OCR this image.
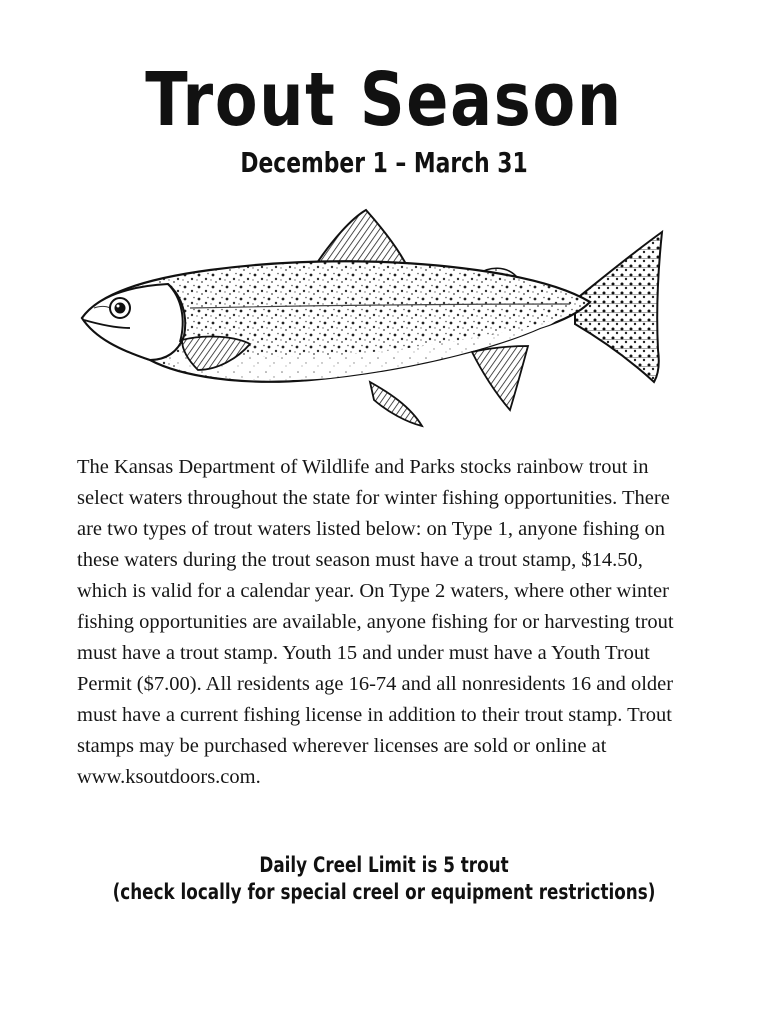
Trout Season
December 1 – March 31

The Kansas Department of Wildlife and Parks stocks rainbow trout in select waters throughout the state for winter fishing opportunities. There are two types of trout waters listed below: on Type 1, anyone fishing on these waters during the trout season must have a trout stamp, $14.50, which is valid for a calendar year. On Type 2 waters, where other winter fishing opportunities are available, anyone fishing for or harvesting trout must have a trout stamp. Youth 15 and under must have a Youth Trout Permit ($7.00). All residents age 16-74 and all nonresidents 16 and older must have a current fishing license in addition to their trout stamp. Trout stamps may be purchased wherever licenses are sold or online at www.ksoutdoors.com.

Daily Creel Limit is 5 trout
(check locally for special creel or equipment restrictions)
